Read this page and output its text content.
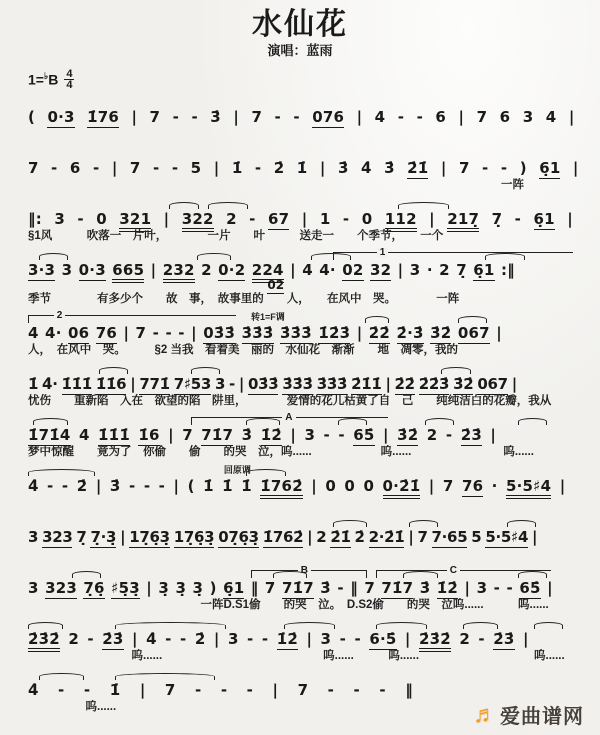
水仙花

演唱：蓝雨

1=♭B 4
4
( 0·3 1̇76 | 7 - - 3̇ | 7 - - 076 | 4 - - 6 | 7 6 3 4 |
7 - 6 - | 7 - - 5 | 1̇ - 2̇ 1̇ | 3̇ 4̇ 3̇ 2̇1̇ | 7 - - ) 6̣1 |
一阵
‖: 3 - 0 321 | 322 2 - 67 | 1 - 0 112 | 217̣ 7̣ - 6̣1 |
§1风　　　吹落一　片叶，　　　　一片　　叶　　　送走一　　个季节，　　一个
1
3·3 3 0·3 665 | 232 2 0·2 224 | 4 4· 02 32 | 3 · 2 7̣ 6̣1 :‖
02
季节　　　　有多少个　　故　事，　故事里的　　人，　　在风中　哭。　　　　一阵
2	转1=F调
4 4· 06 76 | 7 - - - | 03̇3̇ 3̇3̇3̇ 3̇3̇3̇ 1̇2̇3̇ | 2̇2̇ 2̇·3̇ 3̇2̇ 067 |
人，　在风中　哭。　　　§2 当我　看着美　丽的　水仙花　渐渐　　地　凋零，我的
1̇ 4̇· 1̇1̇1̇ 1̇1̇6 | 771̇ 7♯53 3 - | 03̇3̇ 3̇3̇3̇ 3̇3̇3̇ 2̇1̇1̇ | 2̇2̇ 2̇2̇3̇ 3̇2̇ 067 |
忧伤　　重新陷　入在　欲望的陷　阱里，　　　　爱情的花儿枯黄了自　己　　纯纯洁白的花瓣，我从
A
1̇71̇4 4 1̇1̇1̇ 1̇6 | 7 71̇7 3̇ 1̇2̇ | 3 - - 65̇ | 3̇2̇ 2 - 2̇3̇ |
梦中惊醒　　竟为了　你偷　　偷　　的哭　泣，呜......　　　　　　呜......　　　　　　　　呜......
回原调
4̇ - - 2̇ | 3̇ - - - | ( 1̇ 1̇ 1̇ 1̇762̇ | 0 0 0 0·2̇1̇ | 7 76 · 5·5♯4 |
3 323 7̣ 7̣·3̣ | 17̣6̣3̣ 17̣6̣3̣ 07̣6̣3̣ 1̇762̇ | 2 2̇1̇ 2̇ 2·2̇1̇ | 7 7·65 5 5·5♯4 |
B	C
3 323 7̣6̣ ♯5̣3̣ | 3̣ 3̣ 3̣ ) 6̣1 ‖ 7 71̇7 3̇ - ‖ 7 71̇7 3̇ 1̇2̇ | 3 - - 65̇ |
　　　　　　　　　　　　　　　一阵D.S1偷　　的哭　泣。　D.S2偷　　的哭　泣呜......　　　呜......
2̇3̇2̇ 2 - 2̇3̇ | 4̇ - - 2̇ | 3 - - 1̇2̇ | 3 - - 6·5̇ | 2̇3̇2̇ 2 - 2̇3̇ |
　　　　　　　　　呜......　　　　　　　　　　　　　　呜......　　　呜......　　　　　　　　　　呜......
4̇ - - 1̇ | 7 - - - | 7 - - - ‖
　　　　　呜......	♬ 爱曲谱网
